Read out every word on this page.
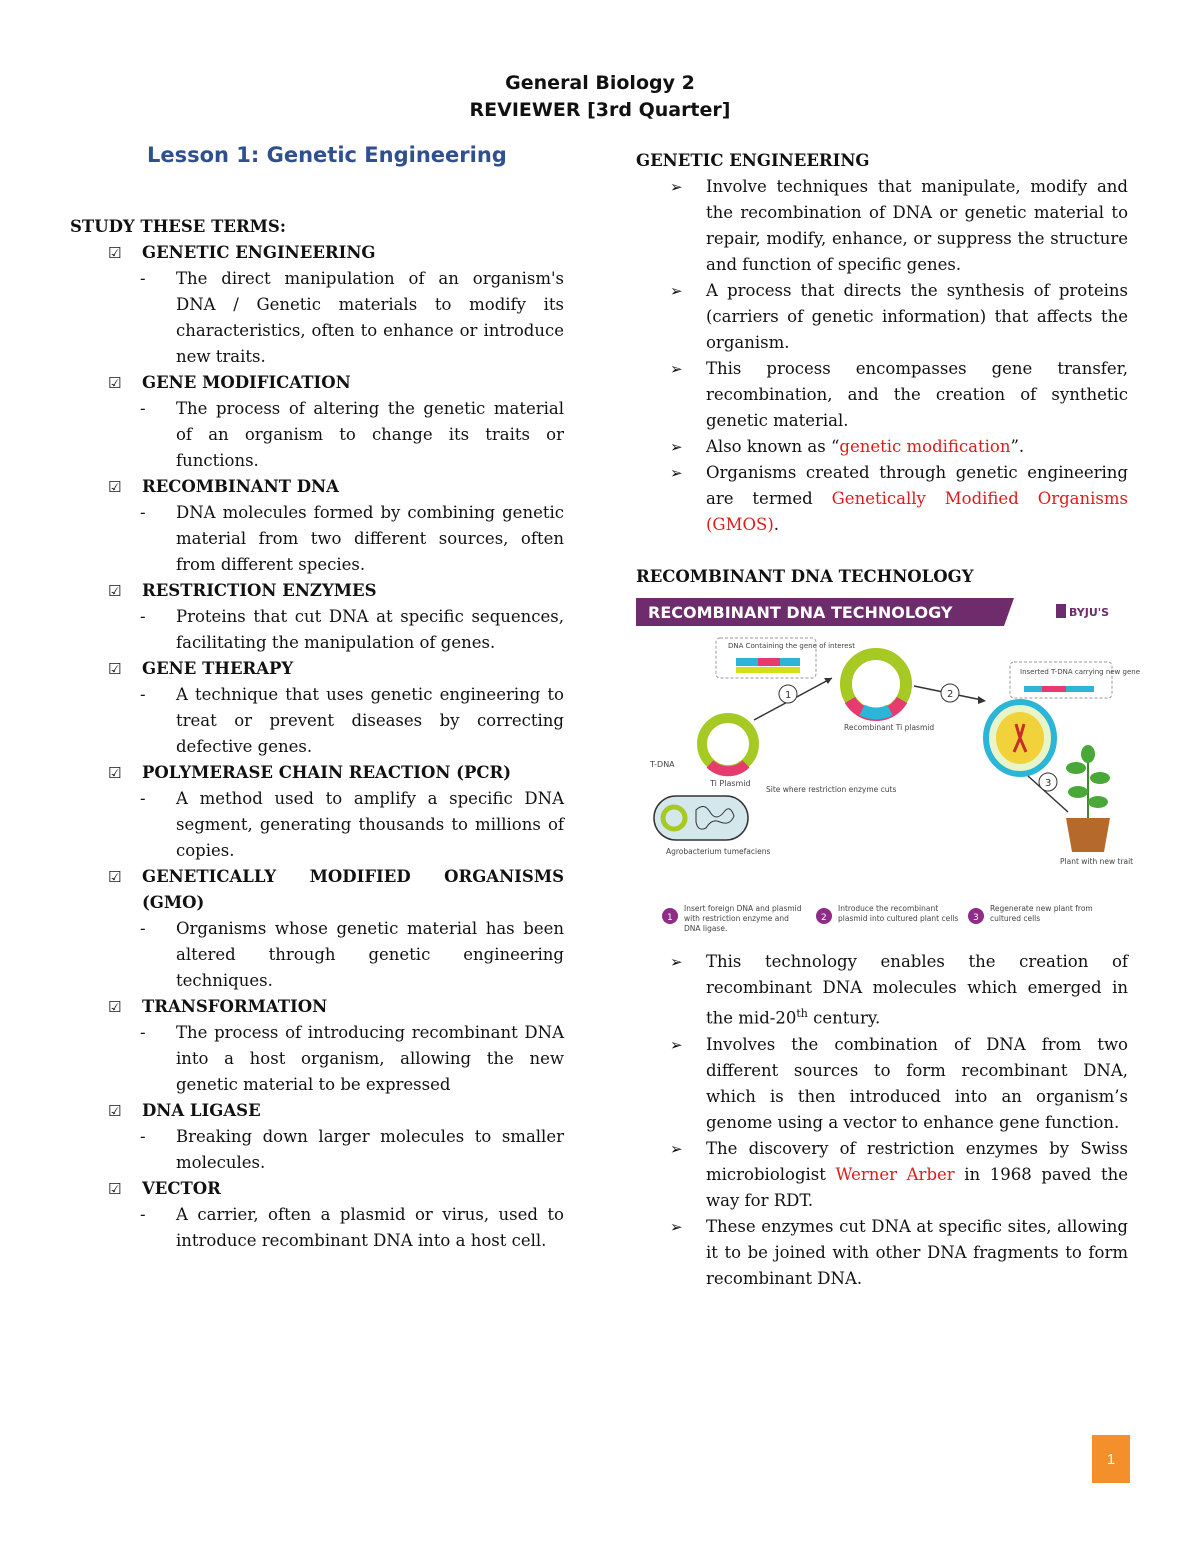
General Biology 2
REVIEWER [3rd Quarter]
Lesson 1: Genetic Engineering
STUDY THESE TERMS:
☑	GENETIC ENGINEERING
-	The direct manipulation of an organism's DNA / Genetic materials to modify its characteristics, often to enhance or introduce new traits.
☑	GENE MODIFICATION
-	The process of altering the genetic material of an organism to change its traits or functions.
☑	RECOMBINANT DNA
-	DNA molecules formed by combining genetic material from two different sources, often from different species.
☑	RESTRICTION ENZYMES
-	Proteins that cut DNA at specific sequences, facilitating the manipulation of genes.
☑	GENE THERAPY
-	A technique that uses genetic engineering to treat or prevent diseases by correcting defective genes.
☑	POLYMERASE CHAIN REACTION (PCR)
-	A method used to amplify a specific DNA segment, generating thousands to millions of copies.
☑	GENETICALLY MODIFIED ORGANISMS (GMO)
-	Organisms whose genetic material has been altered through genetic engineering techniques.
☑	TRANSFORMATION
-	The process of introducing recombinant DNA into a host organism, allowing the new genetic material to be expressed
☑	DNA LIGASE
-	Breaking down larger molecules to smaller molecules.
☑	VECTOR
-	A carrier, often a plasmid or virus, used to introduce recombinant DNA into a host cell.
GENETIC ENGINEERING
➢	Involve techniques that manipulate, modify and the recombination of DNA or genetic material to repair, modify, enhance, or suppress the structure and function of specific genes.
➢	A process that directs the synthesis of proteins (carriers of genetic information) that affects the organism.
➢	This process encompasses gene transfer, recombination, and the creation of synthetic genetic material.
➢	Also known as “genetic modification”.
➢	Organisms created through genetic engineering are termed Genetically Modified Organisms (GMOS).
RECOMBINANT DNA TECHNOLOGY
RECOMBINANT DNA TECHNOLOGY	BYJU'S
DNA Containing the gene of interest
T-DNA
Ti Plasmid
Site where restriction enzyme cuts
Agrobacterium tumefaciens
1
Recombinant Ti plasmid
2
Inserted T-DNA carrying new gene
3
Plant with new trait
1
Insert foreign DNA and plasmid with restriction enzyme and DNA ligase.
2
Introduce the recombinant plasmid into cultured plant cells	3
Regenerate new plant from cultured cells
➢	This technology enables the creation of recombinant DNA molecules which emerged in the mid-20th century.
➢	Involves the combination of DNA from two different sources to form recombinant DNA, which is then introduced into an organism’s genome using a vector to enhance gene function.
➢	The discovery of restriction enzymes by Swiss microbiologist Werner Arber in 1968 paved the way for RDT.
➢	These enzymes cut DNA at specific sites, allowing it to be joined with other DNA fragments to form recombinant DNA.
1
